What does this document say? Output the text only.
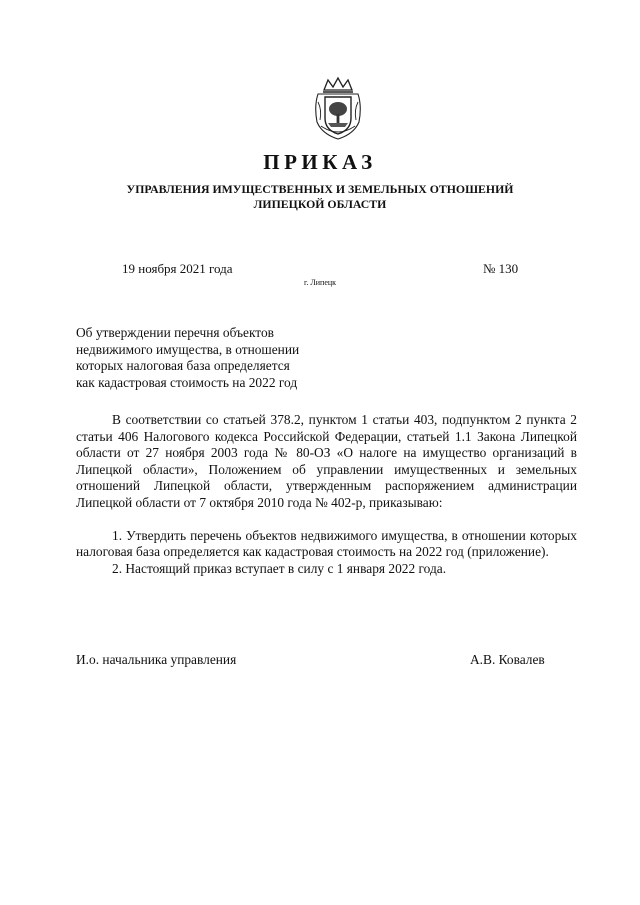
ПРИКАЗ
УПРАВЛЕНИЯ ИМУЩЕСТВЕННЫХ И ЗЕМЕЛЬНЫХ ОТНОШЕНИЙ
ЛИПЕЦКОЙ ОБЛАСТИ
19 ноября 2021 года	№ 130
г. Липецк
Об утверждении перечня объектов
недвижимого имущества, в отношении
которых налоговая база определяется
как кадастровая стоимость на 2022 год

В соответствии со статьей 378.2, пунктом 1 статьи 403, подпунктом 2 пункта 2 статьи 406 Налогового кодекса Российской Федерации, статьей 1.1 Закона Липецкой области от 27 ноября 2003 года № 80-ОЗ «О налоге на имущество организаций в Липецкой области», Положением об управлении имущественных и земельных отношений Липецкой области, утвержденным распоряжением администрации Липецкой области от 7 октября 2010 года № 402-р, приказываю:

1. Утвердить перечень объектов недвижимого имущества, в отношении которых налоговая база определяется как кадастровая стоимость на 2022 год (приложение).

2. Настоящий приказ вступает в силу с 1 января 2022 года.

И.о. начальника управления	А.В. Ковалев
